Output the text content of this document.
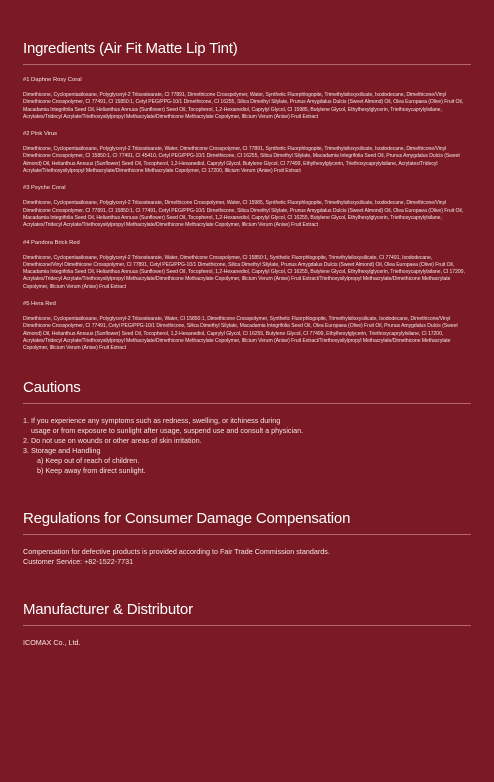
Ingredients (Air Fit Matte Lip Tint)

#1 Daphne Rosy Coral

Dimethicone, Cyclopentasiloxane, Polyglyceryl-2 Triisostearate, CI 77891, Dimethicone Crosspolymer, Water, Synthetic Fluorphlogopite, Trimethylsiloxysilicate, Isododecane, Dimethicone/Vinyl Dimethicone Crosspolymer, CI 77491, CI 15850:1, Cetyl PEG/PPG-10/1 Dimethicone, CI 16255, Silica Dimethyl Silylate, Prunus Amygdalus Dulcis (Sweet Almond) Oil, Olea Europaea (Olive) Fruit Oil, Macadamia Integrifolia Seed Oil, Helianthus Annuus (Sunflower) Seed Oil, Tocopherol, 1,2-Hexanediol, Caprylyl Glycol, CI 15985, Butylene Glycol, Ethylhexylglycerin, Triethoxycaprylylsilane, Acrylates/Tridecyl Acrylate/Triethoxysilylpropyl Methacrylate/Dimethicone Methacrylate Copolymer, Illicium Verum (Anise) Fruit Extract

#2 Pink Virus

Dimethicone, Cyclopentasiloxane, Polyglyceryl-2 Triisostearate, Water, Dimethicone Crosspolymer, CI 77891, Synthetic Fluorphlogopite, Trimethylsiloxysilicate, Isododecane, Dimethicone/Vinyl Dimethicone Crosspolymer, CI 15850:1, CI 77491, CI 45410, Cetyl PEG/PPG-10/1 Dimethicone, CI 16255, Silica Dimethyl Silylate, Macadamia Integrifolia Seed Oil, Prunus Amygdalus Dulcis (Sweet Almond) Oil, Helianthus Annuus (Sunflower) Seed Oil, Tocopherol, 1,2-Hexanediol, Caprylyl Glycol, Butylene Glycol, CI 77499, Ethylhexylglycerin, Triethoxycaprylylsilane, Acrylates/Tridecyl Acrylate/Triethoxysilylpropyl Methacrylate/Dimethicone Methacrylate Copolymer, CI 17200, Illicium Verum (Anise) Fruit Extract

#3 Psyche Coral

Dimethicone, Cyclopentasiloxane, Polyglyceryl-2 Triisostearate, Dimethicone Crosspolymer, Water, CI 15985, Synthetic Fluorphlogopite, Trimethylsiloxysilicate, Isododecane, Dimethicone/Vinyl Dimethicone Crosspolymer, CI 77891, CI 15850:1, CI 77491, Cetyl PEG/PPG-10/1 Dimethicone, Silica Dimethyl Silylate, Prunus Amygdalus Dulcis (Sweet Almond) Oil, Olea Europaea (Olive) Fruit Oil, Macadamia Integrifolia Seed Oil, Helianthus Annuus (Sunflower) Seed Oil, Tocopherol, 1,2-Hexanediol, Caprylyl Glycol, CI 16255, Butylene Glycol, Ethylhexylglycerin, Triethoxycaprylylsilane, Acrylates/Tridecyl Acrylate/Triethoxysilylpropyl Methacrylate/Dimethicone Methacrylate Copolymer, Illicium Verum (Anise) Fruit Extract

#4 Pandora Brick Red

Dimethicone, Cyclopentasiloxane, Polyglyceryl-2 Triisostearate, Water, Dimethicone Crosspolymer, CI 15850:1, Synthetic Fluorphlogopite, Trimethylsiloxysilicate, CI 77491, Isododecane, Dimethicone/Vinyl Dimethicone Crosspolymer, CI 77891, Cetyl PEG/PPG-10/1 Dimethicone, Silica Dimethyl Silylate, Prunus Amygdalus Dulcis (Sweet Almond) Oil, Olea Europaea (Olive) Fruit Oil, Macadamia Integrifolia Seed Oil, Helianthus Annuus (Sunflower) Seed Oil, Tocopherol, 1,2-Hexanediol, Caprylyl Glycol, CI 16255, Butylene Glycol, Ethylhexylglycerin, Triethoxycaprylylsilane, CI 17200, Acrylates/Tridecyl Acrylate/Triethoxysilylpropyl Methacrylate/Dimethicone Methacrylate Copolymer, Illicium Verum (Anise) Fruit Extract/Triethoxysilylpropyl Methacrylate/Dimethicone Methacrylate Copolymer, Illicium Verum (Anise) Fruit Extract

#5 Hera Red

Dimethicone, Cyclopentasiloxane, Polyglyceryl-2 Triisostearate, Water, CI 15850:1, Dimethicone Crosspolymer, Synthetic Fluorphlogopite, Trimethylsiloxysilicate, Isododecane, Dimethicone/Vinyl Dimethicone Crosspolymer, CI 77491, Cetyl PEG/PPG-10/1 Dimethicone, Silica Dimethyl Silylate, Macadamia Integrifolia Seed Oil, Olea Europaea (Olive) Fruit Oil, Prunus Amygdalus Dulcis (Sweet Almond) Oil, Helianthus Annuus (Sunflower) Seed Oil, Tocopherol, 1,2-Hexanediol, Caprylyl Glycol, CI 16255, Butylene Glycol, CI 77499, Ethylhexylglycerin, Triethoxycaprylylsilane, CI 17200, Acrylates/Tridecyl Acrylate/Triethoxysilylpropyl Methacrylate/Dimethicone Methacrylate Copolymer, Illicium Verum (Anise) Fruit Extract/Triethoxysilylpropyl Methacrylate/Dimethicone Methacrylate Copolymer, Illicium Verum (Anise) Fruit Extract

Cautions
1. If you experience any symptoms such as redness, swelling, or itchiness during
usage or from exposure to sunlight after usage, suspend use and consult a physician.
2. Do not use on wounds or other areas of skin irritation.
3. Storage and Handling
a) Keep out of reach of children.
b) Keep away from direct sunlight.
Regulations for Consumer Damage Compensation

Compensation for defective products is provided according to Fair Trade Commission standards.

Customer Service: +82-1522-7731

Manufacturer & Distributor

ICOMAX Co., Ltd.
